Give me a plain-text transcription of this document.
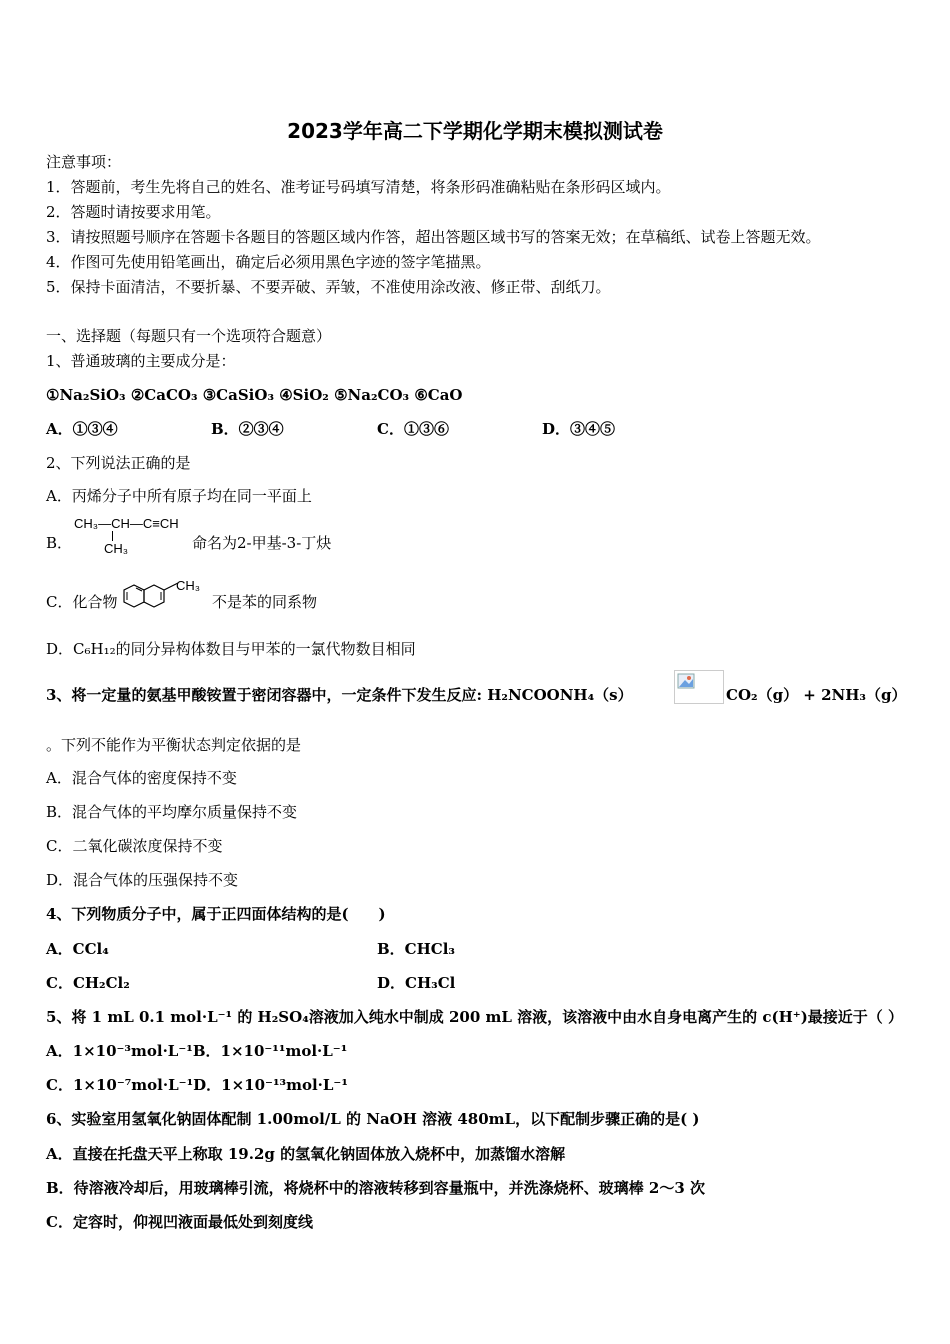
2023学年高二下学期化学期末模拟测试卷
注意事项：
1．答题前，考生先将自己的姓名、准考证号码填写清楚，将条形码准确粘贴在条形码区域内。
2．答题时请按要求用笔。
3．请按照题号顺序在答题卡各题目的答题区域内作答，超出答题区域书写的答案无效；在草稿纸、试卷上答题无效。
4．作图可先使用铅笔画出，确定后必须用黑色字迹的签字笔描黑。
5．保持卡面清洁，不要折暴、不要弄破、弄皱，不准使用涂改液、修正带、刮纸刀。
一、选择题（每题只有一个选项符合题意）
1、普通玻璃的主要成分是：
①Na₂SiO₃ ②CaCO₃ ③CaSiO₃ ④SiO₂ ⑤Na₂CO₃ ⑥CaO
A．①③④	B．②③④	C．①③⑥	D．③④⑤
2、下列说法正确的是
A．丙烯分子中所有原子均在同一平面上
B．
CH₃—CH—C≡CH
CH₃	命名为2-甲基-3-丁炔
C．化合物
CH₃
不是苯的同系物
D．C₆H₁₂的同分异构体数目与甲苯的一氯代物数目相同
3、将一定量的氨基甲酸铵置于密闭容器中，一定条件下发生反应: H₂NCOONH₄（s）	CO₂（g） + 2NH₃（g）
。下列不能作为平衡状态判定依据的是
A．混合气体的密度保持不变
B．混合气体的平均摩尔质量保持不变
C．二氧化碳浓度保持不变
D．混合气体的压强保持不变
4、下列物质分子中，属于正四面体结构的是(　　)
A．CCl₄	B．CHCl₃
C．CH₂Cl₂	D．CH₃Cl
5、将 1 mL 0.1 mol·L⁻¹ 的 H₂SO₄溶液加入纯水中制成 200 mL 溶液，该溶液中由水自身电离产生的 c(H⁺)最接近于（ ）
A．1×10⁻³mol·L⁻¹B．1×10⁻¹¹mol·L⁻¹
C．1×10⁻⁷mol·L⁻¹D．1×10⁻¹³mol·L⁻¹
6、实验室用氢氧化钠固体配制 1.00mol/L 的 NaOH 溶液 480mL，以下配制步骤正确的是( )
A．直接在托盘天平上称取 19.2g 的氢氧化钠固体放入烧杯中，加蒸馏水溶解
B．待溶液冷却后，用玻璃棒引流，将烧杯中的溶液转移到容量瓶中，并洗涤烧杯、玻璃棒 2～3 次
C．定容时，仰视凹液面最低处到刻度线
